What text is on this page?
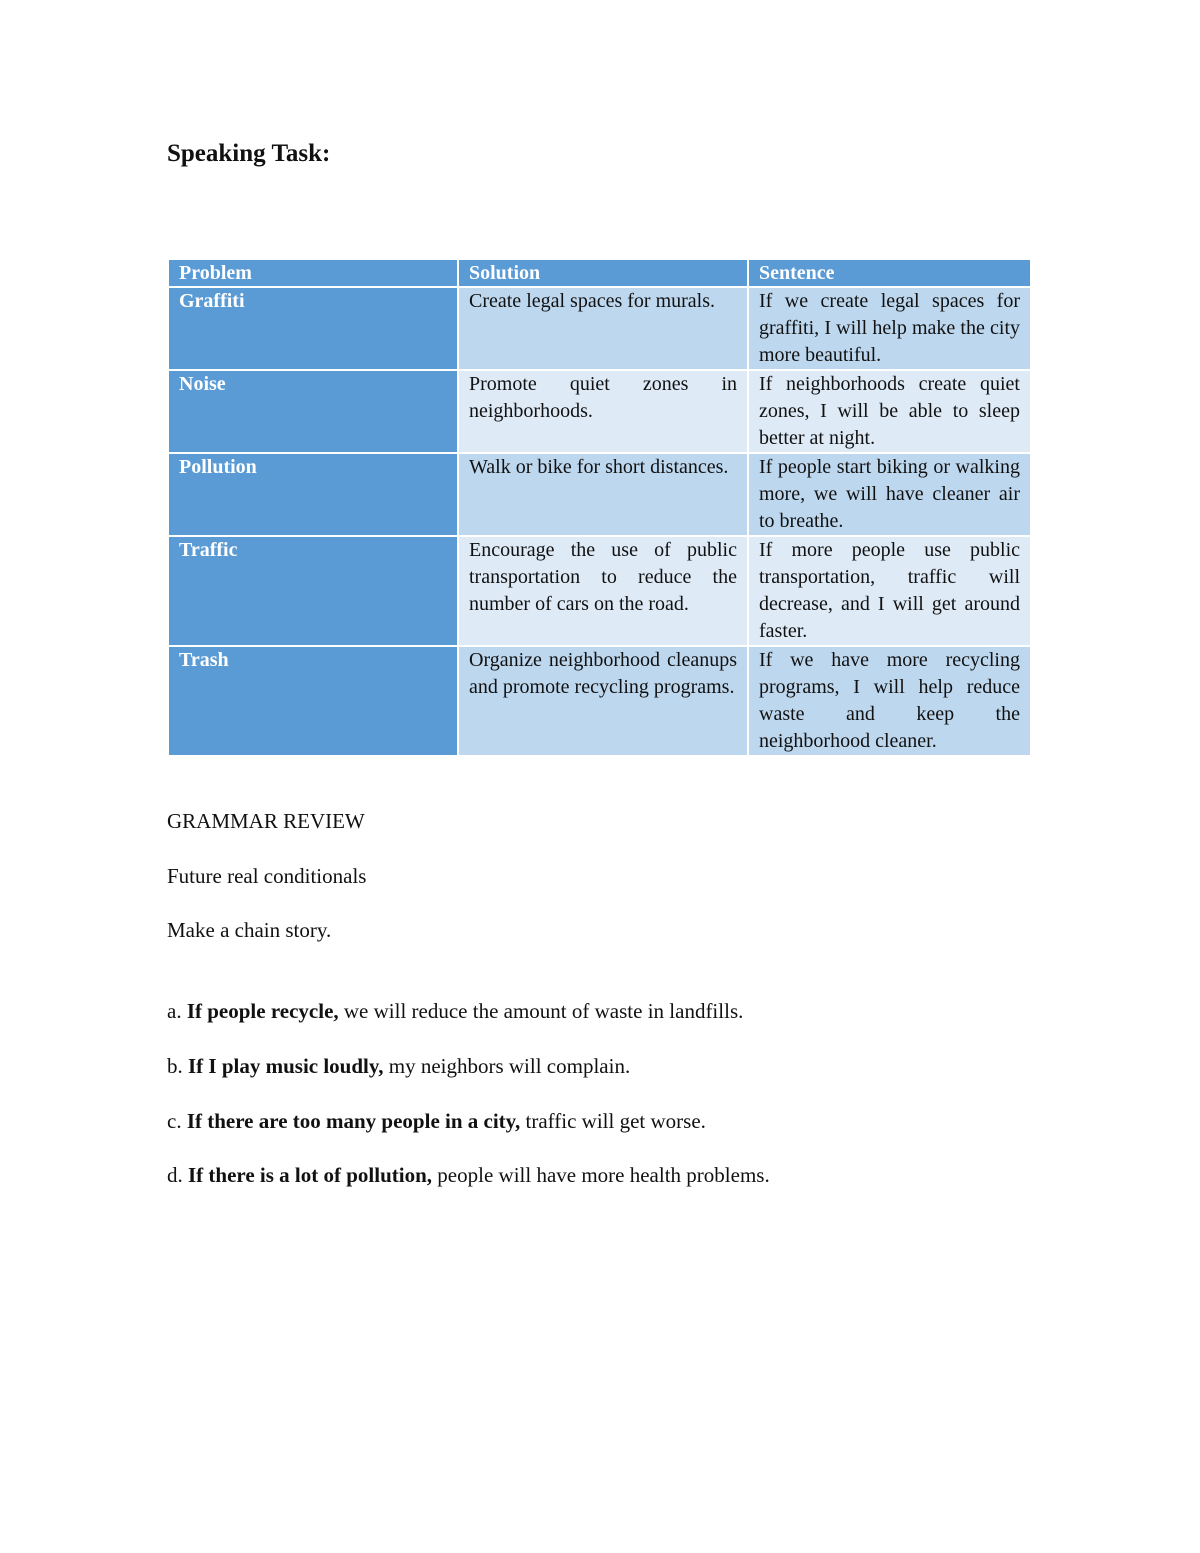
Speaking Task:
Problem	Solution	Sentence
Graffiti	Create legal spaces for murals.	If we create legal spaces for graffiti, I will help make the city more beautiful.
Noise	Promote quiet zones in neighborhoods.	If neighborhoods create quiet zones, I will be able to sleep better at night.
Pollution	Walk or bike for short distances.	If people start biking or walking more, we will have cleaner air to breathe.
Traffic	Encourage the use of public transportation to reduce the number of cars on the road.	If more people use public transportation, traffic will decrease, and I will get around faster.
Trash	Organize neighborhood cleanups and promote recycling programs.	If we have more recycling programs, I will help reduce waste and keep the neighborhood cleaner.

GRAMMAR REVIEW

Future real conditionals

Make a chain story.

a. If people recycle, we will reduce the amount of waste in landfills.

b. If I play music loudly, my neighbors will complain.

c. If there are too many people in a city, traffic will get worse.

d. If there is a lot of pollution, people will have more health problems.
